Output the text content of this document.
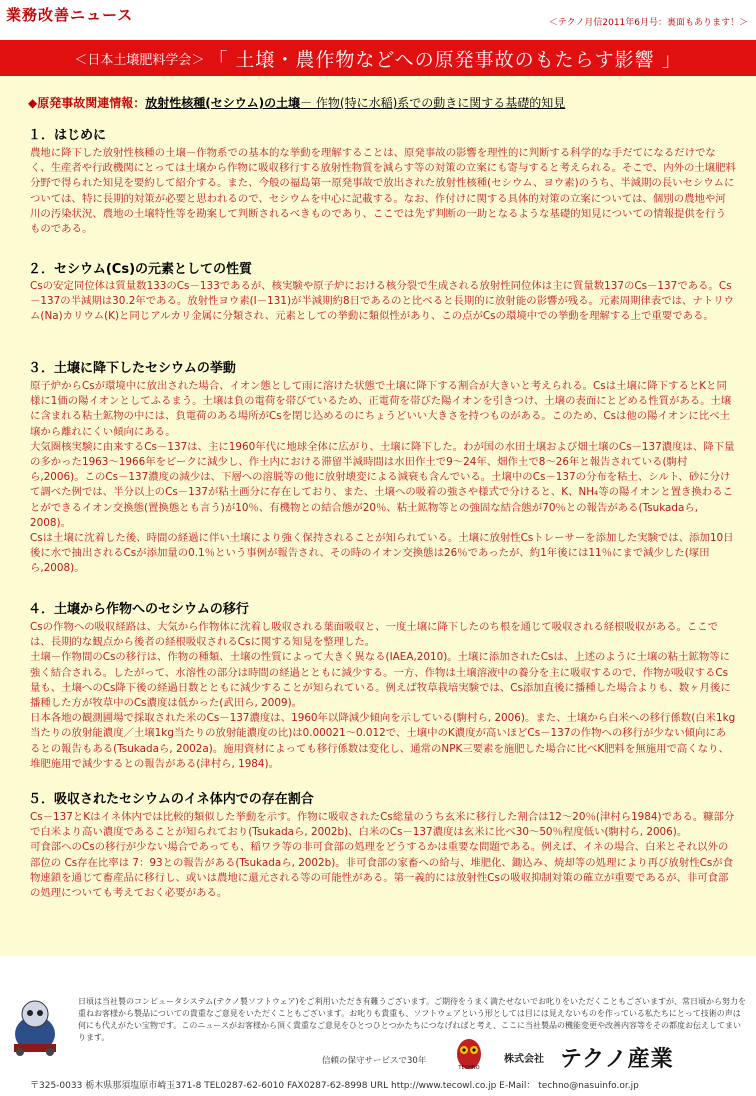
業務改善ニュース	＜テクノ月信2011年6月号：裏面もあります！＞
＜日本土壌肥料学会＞ 「 土壌・農作物などへの原発事故のもたらす影響 」
◆原発事故関連情報：放射性核種(セシウム)の土壌－ 作物(特に水稲)系での動きに関する基礎的知見
１．はじめに

農地に降下した放射性核種の土壌－作物系での基本的な挙動を理解することは、原発事故の影響を理性的に判断する科学的な手だてになるだけでなく、生産者や行政機関にとっては土壌から作物に吸収移行する放射性物質を減らす等の対策の立案にも寄与すると考えられる。そこで、内外の土壌肥料分野で得られた知見を要約して紹介する。また、今般の福島第一原発事故で放出された放射性核種(セシウム、ヨウ素)のうち、半減期の長いセシウムについては、特に長期的対策が必要と思われるので、セシウムを中心に記載する。なお、作付けに関する具体的対策の立案については、個別の農地や河川の汚染状況、農地の土壌特性等を勘案して判断されるべきものであり、ここでは先ず判断の一助となるような基礎的知見についての情報提供を行うものである。

２．セシウム(Cs)の元素としての性質

Csの安定同位体は質量数133のCs－133であるが、核実験や原子炉における核分裂で生成される放射性同位体は主に質量数137のCs－137である。Cs－137の半減期は30.2年である。放射性ヨウ素(I－131)が半減期約8日であるのと比べると長期的に放射能の影響が残る。元素周期律表では、ナトリウム(Na)カリウム(K)と同じアルカリ金属に分類され、元素としての挙動に類似性があり、この点がCsの環境中での挙動を理解する上で重要である。

３．土壌に降下したセシウムの挙動

原子炉からCsが環境中に放出された場合、イオン態として雨に溶けた状態で土壌に降下する割合が大きいと考えられる。Csは土壌に降下するとKと同様に1価の陽イオンとしてふるまう。土壌は負の電荷を帯びているため、正電荷を帯びた陽イオンを引きつけ、土壌の表面にとどめる性質がある。土壌に含まれる粘土鉱物の中には、負電荷のある場所がCsを閉じ込めるのにちょうどいい大きさを持つものがある。このため、Csは他の陽イオンに比べ土壌から離れにくい傾向にある。

大気圏核実験に由来するCs－137は、主に1960年代に地球全体に広がり、土壌に降下した。わが国の水田土壌および畑土壌のCs－137濃度は、降下量の多かった1963～1966年をピークに減少し、作土内における滞留半減時間は水田作土で9～24年、畑作土で8～26年と報告されている(駒村ら,2006)。このCs－137濃度の減少は、下層への溶脱等の他に放射壊変による減衰も含んでいる。土壌中のCs－137の分布を粘土、シルト、砂に分けて調べた例では、半分以上のCs－137が粘土画分に存在しており、また、土壌への吸着の強さや様式で分けると、K、NH₄等の陽イオンと置き換わることができるイオン交換態(置換態とも言う)が10％、有機物との結合態が20％、粘土鉱物等との強固な結合態が70％との報告がある(Tsukadaら, 2008)。

Csは土壌に沈着した後、時間の経過に伴い土壌により強く保持されることが知られている。土壌に放射性Csトレーサーを添加した実験では、添加10日後に水で抽出されるCsが添加量の0.1％という事例が報告され、その時のイオン交換態は26％であったが、約1年後には11％にまで減少した(塚田ら,2008)。

４．土壌から作物へのセシウムの移行

Csの作物への吸収経路は、大気から作物体に沈着し吸収される葉面吸収と、一度土壌に降下したのち根を通じて吸収される経根吸収がある。ここでは、長期的な観点から後者の経根吸収されるCsに関する知見を整理した。

土壌－作物間のCsの移行は、作物の種類、土壌の性質によって大きく異なる(IAEA,2010)。土壌に添加されたCsは、上述のように土壌の粘土鉱物等に強く結合される。したがって、水溶性の部分は時間の経過とともに減少する。一方、作物は土壌溶液中の養分を主に吸収するので、作物が吸収するCs量も、土壌へのCs降下後の経過日数とともに減少することが知られている。例えば牧草栽培実験では、Cs添加直後に播種した場合よりも、数ヶ月後に播種した方が牧草中のCs濃度は低かった(武田ら, 2009)。

日本各地の観測圃場で採取された米のCs－137濃度は、1960年以降減少傾向を示している(駒村ら, 2006)。また、土壌から白米への移行係数(白米1kg当たりの放射能濃度／土壌1kg当たりの放射能濃度の比)は0.00021～0.012で、土壌中のK濃度が高いほどCs－137の作物への移行が少ない傾向にあるとの報告もある(Tsukadaら, 2002a)。施用資材によっても移行係数は変化し、通常のNPK三要素を施肥した場合に比べK肥料を無施用で高くなり、堆肥施用で減少するとの報告がある(津村ら, 1984)。

５．吸収されたセシウムのイネ体内での存在割合

Cs－137とKはイネ体内では比較的類似した挙動を示す。作物に吸収されたCs総量のうち玄米に移行した割合は12～20％(津村ら1984)である。糠部分で白米より高い濃度であることが知られており(Tsukadaら, 2002b)、白米のCs－137濃度は玄米に比べ30～50％程度低い(駒村ら, 2006)。

可食部へのCsの移行が少ない場合であっても、稲ワラ等の非可食部の処理をどうするかは重要な問題である。例えば、イネの場合、白米とそれ以外の部位の Cs存在比率は 7：93との報告がある(Tsukadaら, 2002b)。非可食部の家畜への給与、堆肥化、鋤込み、焼却等の処理により再び放射性Csが食物連鎖を通じて畜産品に移行し、或いは農地に還元される等の可能性がある。第一義的には放射性Csの吸収抑制対策の確立が重要であるが、非可食部の処理についても考えておく必要がある。

日頃は当社製のコンピュータシステム(テクノ製ソフトウェア)をご利用いただき有難うございます。ご期待をうまく満たせないでお叱りをいただくこともございますが、常日頃から努力を重ねお客様から製品についての貴重なご意見をいただくこともございます。お叱りも貴重も、ソフトウェアという形としては目には見えないものを作っている私たちにとって技術の声は何にも代えがたい宝物です。このニュースがお客様から頂く貴重なご意見をひとつひとつかたちにつなげればと考え、ここに当社製品の機能変更や改善内容等をその都度お伝えしてまいります。
信頼の保守サービスで30年
TECHNO
株式会社 テクノ産業
〒325-0033 栃木県那須塩原市崎玉371-8 TEL0287-62-6010 FAX0287-62-8998 URL http://www.tecowl.co.jp E-Mail： techno@nasuinfo.or.jp
